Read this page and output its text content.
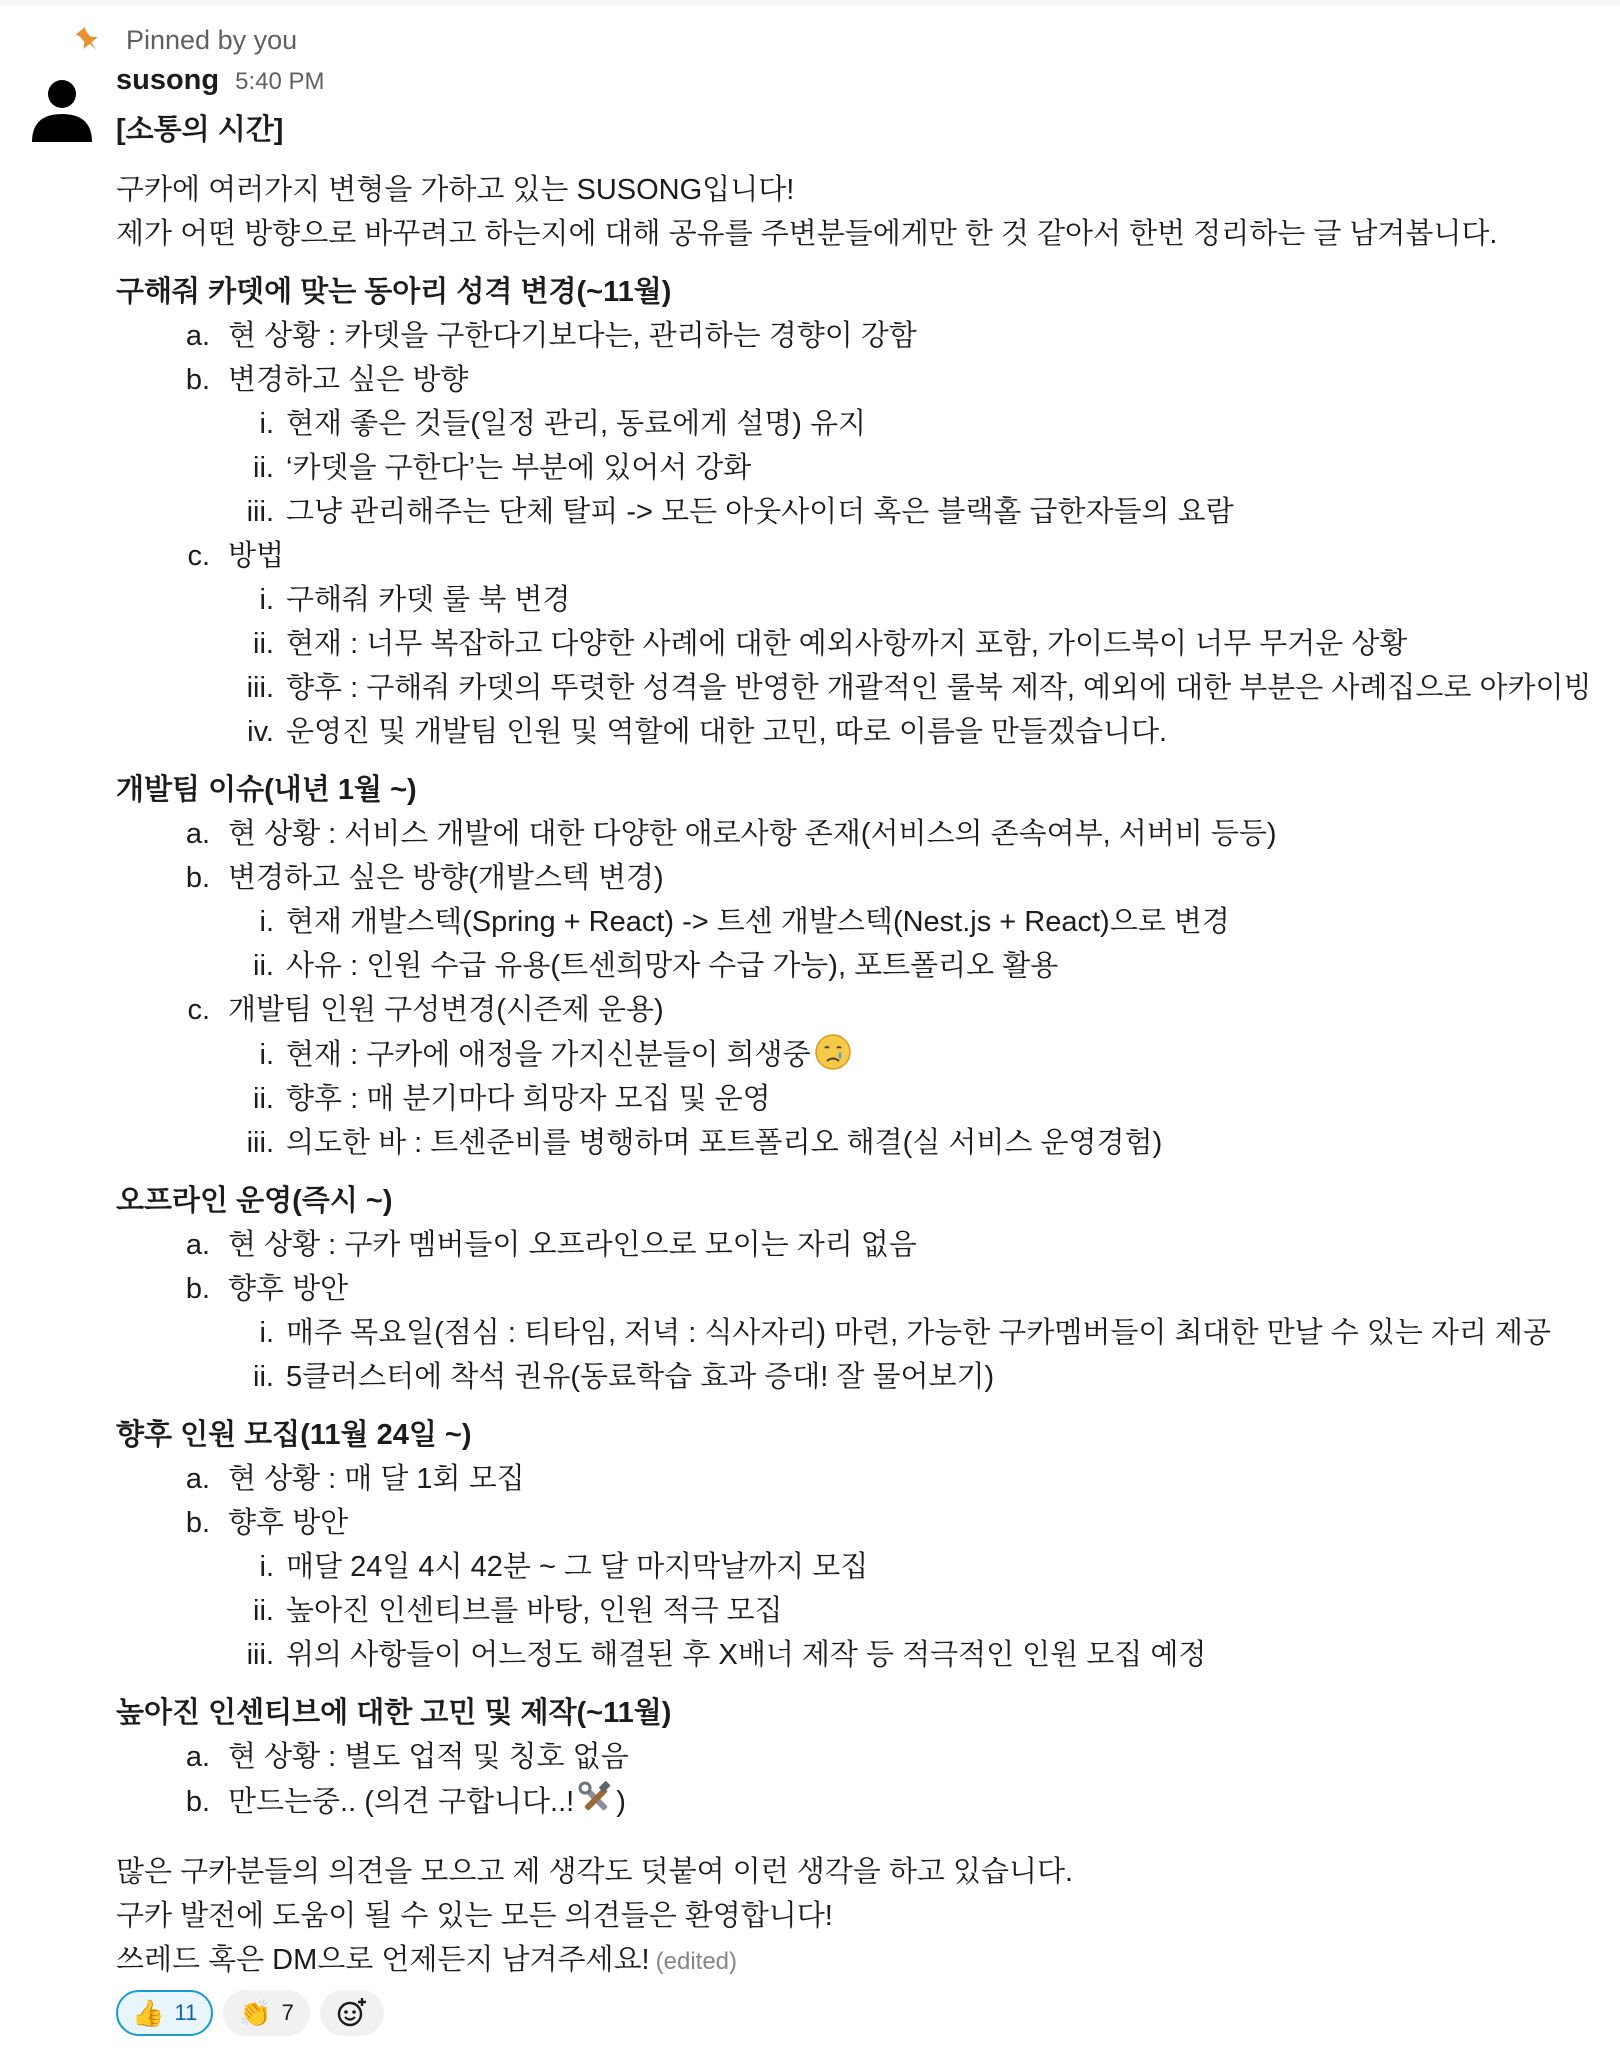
Pinned by you
susong 5:40 PM
[소통의 시간]
구카에 여러가지 변형을 가하고 있는 SUSONG입니다!
제가 어떤 방향으로 바꾸려고 하는지에 대해 공유를 주변분들에게만 한 것 같아서 한번 정리하는 글 남겨봅니다.
구해줘 카뎃에 맞는 동아리 성격 변경(~11월)
a. 현 상황 : 카뎃을 구한다기보다는, 관리하는 경향이 강함
b. 변경하고 싶은 방향
i. 현재 좋은 것들(일정 관리, 동료에게 설명) 유지
ii. ‘카뎃을 구한다’는 부분에 있어서 강화
iii. 그냥 관리해주는 단체 탈피 -> 모든 아웃사이더 혹은 블랙홀 급한자들의 요람
c. 방법
i. 구해줘 카뎃 룰 북 변경
ii. 현재 : 너무 복잡하고 다양한 사례에 대한 예외사항까지 포함, 가이드북이 너무 무거운 상황
iii. 향후 : 구해줘 카뎃의 뚜렷한 성격을 반영한 개괄적인 룰북 제작, 예외에 대한 부분은 사례집으로 아카이빙
iv. 운영진 및 개발팀 인원 및 역할에 대한 고민, 따로 이름을 만들겠습니다.
개발팀 이슈(내년 1월 ~)
a. 현 상황 : 서비스 개발에 대한 다양한 애로사항 존재(서비스의 존속여부, 서버비 등등)
b. 변경하고 싶은 방향(개발스텍 변경)
i. 현재 개발스텍(Spring + React) -> 트센 개발스텍(Nest.js + React)으로 변경
ii. 사유 : 인원 수급 유용(트센희망자 수급 가능), 포트폴리오 활용
c. 개발팀 인원 구성변경(시즌제 운용)
i. 현재 : 구카에 애정을 가지신분들이 희생중
ii. 향후 : 매 분기마다 희망자 모집 및 운영
iii. 의도한 바 : 트센준비를 병행하며 포트폴리오 해결(실 서비스 운영경험)
오프라인 운영(즉시 ~)
a. 현 상황 : 구카 멤버들이 오프라인으로 모이는 자리 없음
b. 향후 방안
i. 매주 목요일(점심 : 티타임, 저녁 : 식사자리) 마련, 가능한 구카멤버들이 최대한 만날 수 있는 자리 제공
ii. 5클러스터에 착석 권유(동료학습 효과 증대! 잘 물어보기)
향후 인원 모집(11월 24일 ~)
a. 현 상황 : 매 달 1회 모집
b. 향후 방안
i. 매달 24일 4시 42분 ~ 그 달 마지막날까지 모집
ii. 높아진 인센티브를 바탕, 인원 적극 모집
iii. 위의 사항들이 어느정도 해결된 후 X배너 제작 등 적극적인 인원 모집 예정
높아진 인센티브에 대한 고민 및 제작(~11월)
a. 현 상황 : 별도 업적 및 칭호 없음
b. 만드는중.. (의견 구합니다..! )
많은 구카분들의 의견을 모으고 제 생각도 덧붙여 이런 생각을 하고 있습니다.
구카 발전에 도움이 될 수 있는 모든 의견들은 환영합니다!
쓰레드 혹은 DM으로 언제든지 남겨주세요! (edited)
👍 11 👏 7
